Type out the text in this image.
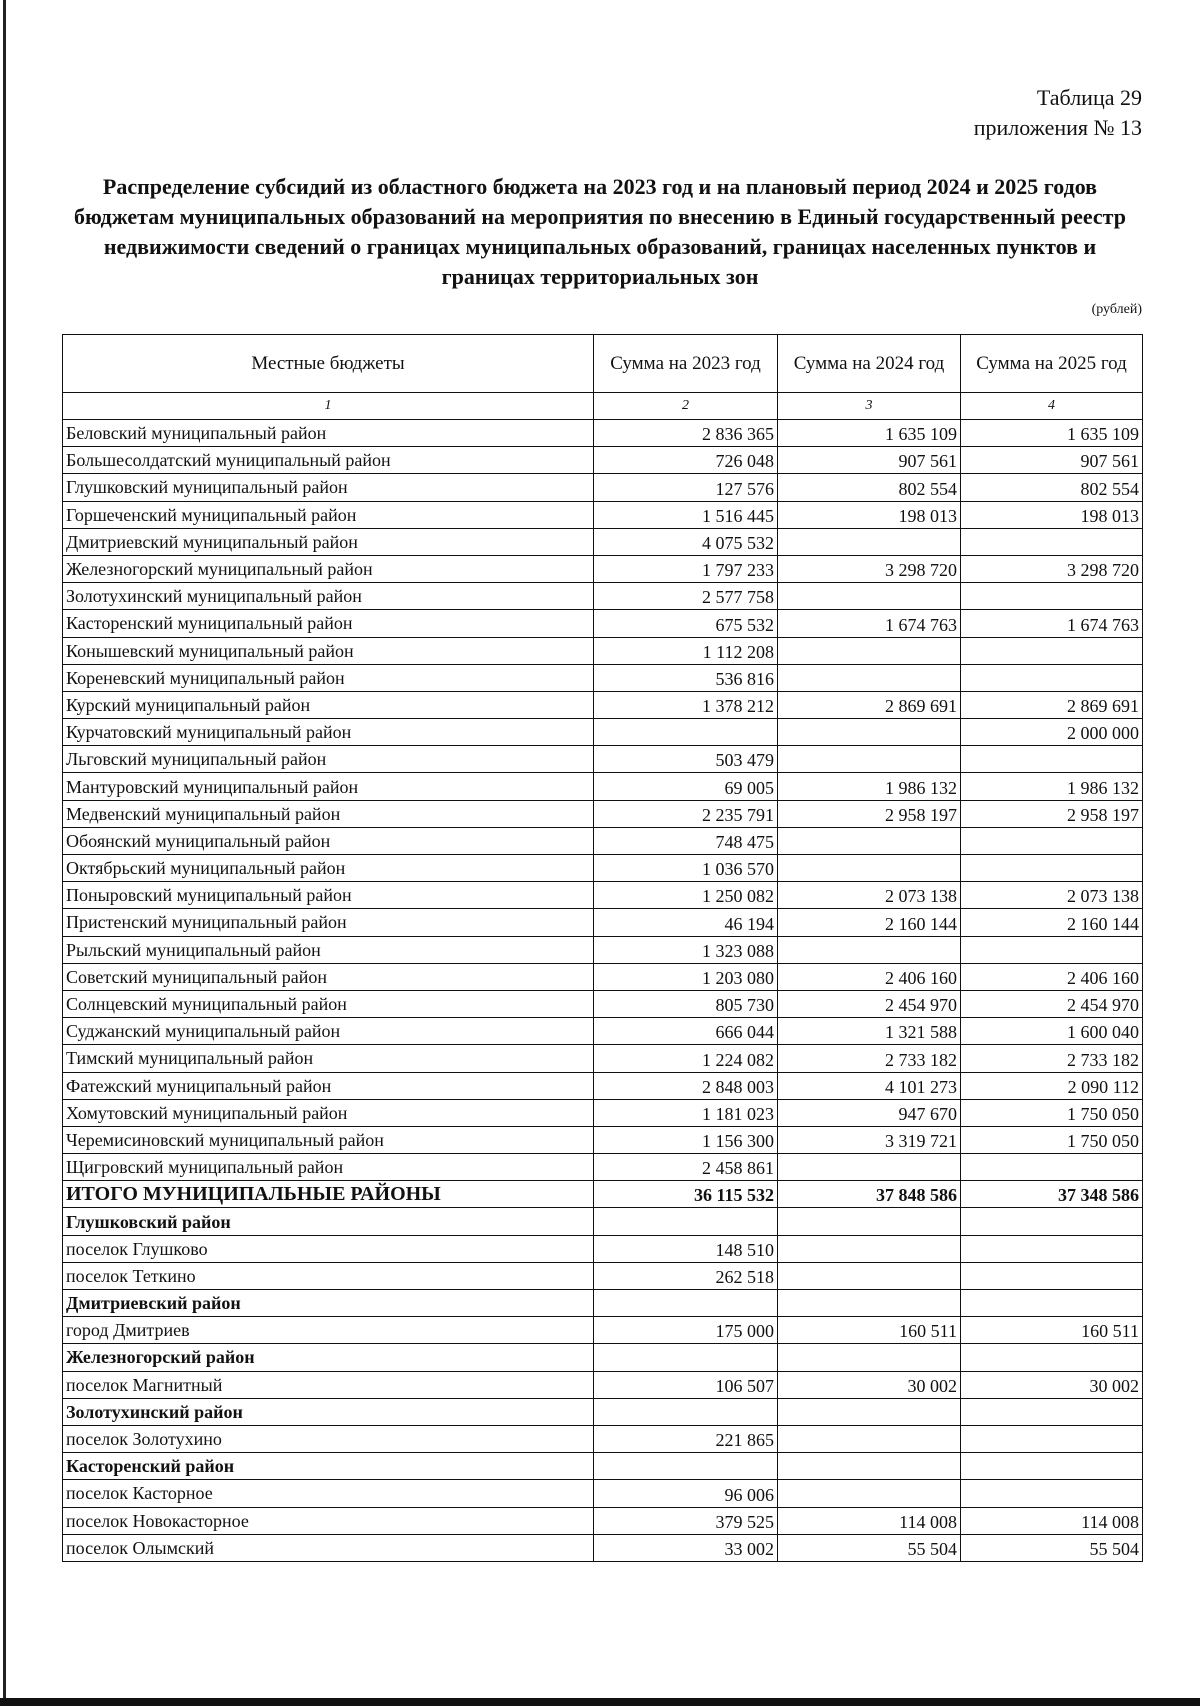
Таблица 29
приложения № 13
Распределение субсидий из областного бюджета на 2023 год и на плановый период 2024 и 2025 годов бюджетам муниципальных образований на мероприятия по внесению в Единый государственный реестр недвижимости сведений о границах муниципальных образований, границах населенных пунктов и границах территориальных зон
(рублей)
Местные бюджеты	Сумма на 2023 год	Сумма на 2024 год	Сумма на 2025 год
1	2	3	4
Беловский муниципальный район	2 836 365	1 635 109	1 635 109
Большесолдатский муниципальный район	726 048	907 561	907 561
Глушковский муниципальный район	127 576	802 554	802 554
Горшеченский муниципальный район	1 516 445	198 013	198 013
Дмитриевский муниципальный район	4 075 532		
Железногорский муниципальный район	1 797 233	3 298 720	3 298 720
Золотухинский муниципальный район	2 577 758		
Касторенский муниципальный район	675 532	1 674 763	1 674 763
Конышевский муниципальный район	1 112 208		
Кореневский муниципальный район	536 816		
Курский муниципальный район	1 378 212	2 869 691	2 869 691
Курчатовский муниципальный район			2 000 000
Льговский муниципальный район	503 479		
Мантуровский муниципальный район	69 005	1 986 132	1 986 132
Медвенский муниципальный район	2 235 791	2 958 197	2 958 197
Обоянский муниципальный район	748 475		
Октябрьский муниципальный район	1 036 570		
Поныровский муниципальный район	1 250 082	2 073 138	2 073 138
Пристенский муниципальный район	46 194	2 160 144	2 160 144
Рыльский муниципальный район	1 323 088		
Советский муниципальный район	1 203 080	2 406 160	2 406 160
Солнцевский муниципальный район	805 730	2 454 970	2 454 970
Суджанский муниципальный район	666 044	1 321 588	1 600 040
Тимский муниципальный район	1 224 082	2 733 182	2 733 182
Фатежский муниципальный район	2 848 003	4 101 273	2 090 112
Хомутовский муниципальный район	1 181 023	947 670	1 750 050
Черемисиновский муниципальный район	1 156 300	3 319 721	1 750 050
Щигровский муниципальный район	2 458 861		
ИТОГО МУНИЦИПАЛЬНЫЕ РАЙОНЫ	36 115 532	37 848 586	37 348 586
Глушковский район			
поселок Глушково	148 510		
поселок Теткино	262 518		
Дмитриевский район			
город Дмитриев	175 000	160 511	160 511
Железногорский район			
поселок Магнитный	106 507	30 002	30 002
Золотухинский район			
поселок Золотухино	221 865		
Касторенский район			
поселок Касторное	96 006		
поселок Новокасторное	379 525	114 008	114 008
поселок Олымский	33 002	55 504	55 504
